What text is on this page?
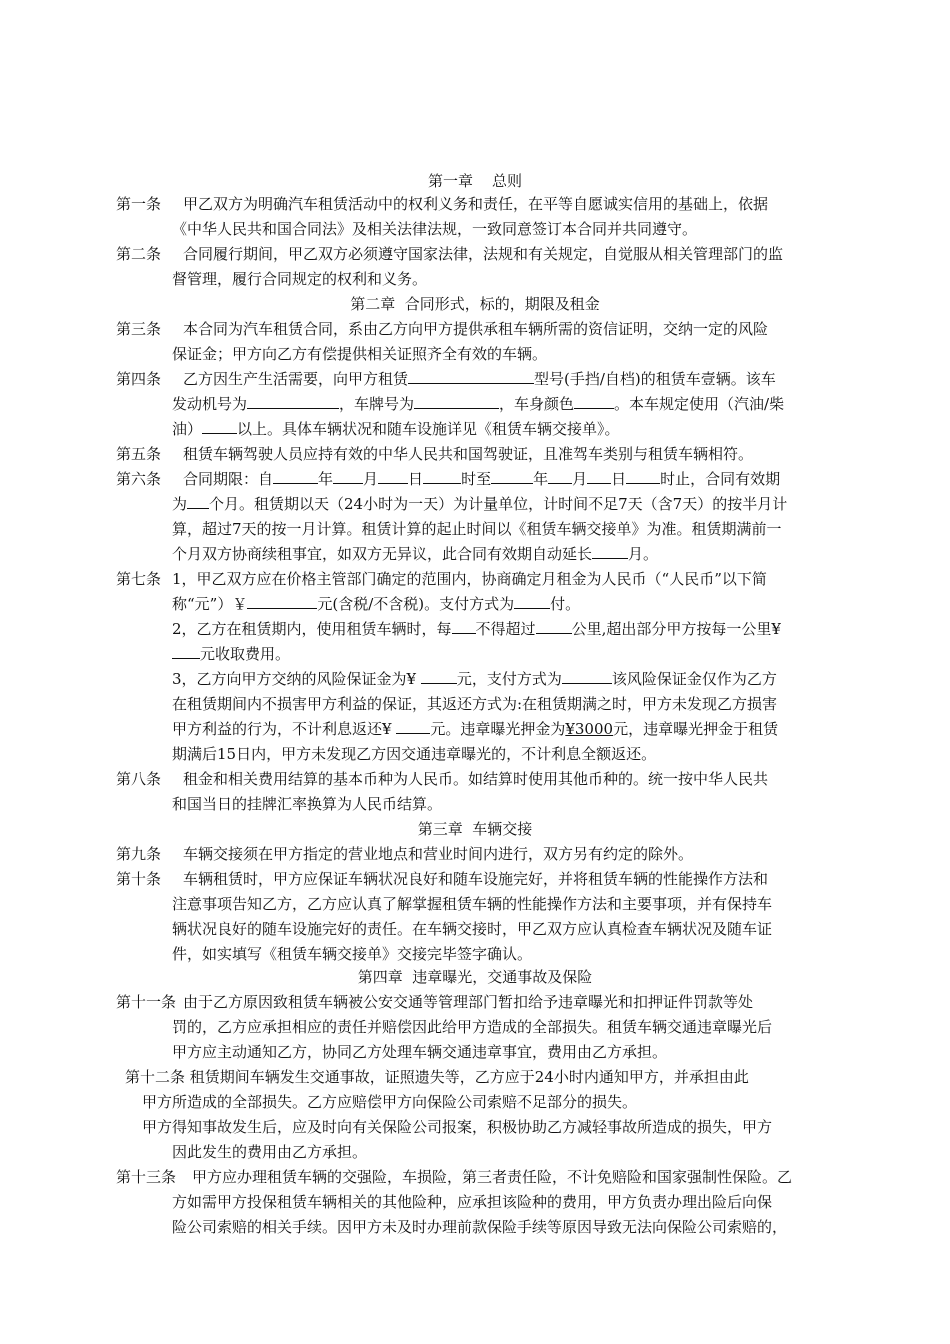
第一章    总则
第一条 甲乙双方为明确汽车租赁活动中的权利义务和责任，在平等自愿诚实信用的基础上，依据
《中华人民共和国合同法》及相关法律法规，一致同意签订本合同并共同遵守。
第二条 合同履行期间，甲乙双方必须遵守国家法律，法规和有关规定，自觉服从相关管理部门的监
督管理，履行合同规定的权利和义务。
第二章  合同形式，标的，期限及租金
第三条 本合同为汽车租赁合同，系由乙方向甲方提供承租车辆所需的资信证明，交纳一定的风险
保证金；甲方向乙方有偿提供相关证照齐全有效的车辆。
第四条 乙方因生产生活需要，向甲方租赁	型号(手挡/自档)的租赁车壹辆。该车
发动机号为	，车牌号为	，车身颜色	。本车规定使用（汽油/柴
油） 以上。具体车辆状况和随车设施详见《租赁车辆交接单》。
第五条 租赁车辆驾驶人员应持有效的中华人民共和国驾驶证，且准驾车类别与租赁车辆相符。
第六条 合同期限：自	年 月 日	时至	年 月 日 时止，合同有效期
为 个月。租赁期以天（24小时为一天）为计量单位，计时间不足7天（含7天）的按半月计
算，超过7天的按一月计算。租赁计算的起止时间以《租赁车辆交接单》为准。租赁期满前一
个月双方协商续租事宜，如双方无异议，此合同有效期自动延长 月。
第七条 1，甲乙双方应在价格主管部门确定的范围内，协商确定月租金为人民币（“人民币”以下简
称“元”）￥	元(含税/不含税)。支付方式为 付。
2，乙方在租赁期内，使用租赁车辆时，每 不得超过 公里,超出部分甲方按每一公里¥
元收取费用。
3，乙方向甲方交纳的风险保证金为¥ 元，支付方式为	该风险保证金仅作为乙方
在租赁期间内不损害甲方利益的保证，其返还方式为:在租赁期满之时，甲方未发现乙方损害
甲方利益的行为，不计利息返还¥ 元。违章曝光押金为¥3000元，违章曝光押金于租赁
期满后15日内，甲方未发现乙方因交通违章曝光的，不计利息全额返还。
第八条 租金和相关费用结算的基本币种为人民币。如结算时使用其他币种的。统一按中华人民共
和国当日的挂牌汇率换算为人民币结算。
第三章  车辆交接
第九条 车辆交接须在甲方指定的营业地点和营业时间内进行，双方另有约定的除外。
第十条 车辆租赁时，甲方应保证车辆状况良好和随车设施完好，并将租赁车辆的性能操作方法和
注意事项告知乙方，乙方应认真了解掌握租赁车辆的性能操作方法和主要事项，并有保持车
辆状况良好的随车设施完好的责任。在车辆交接时，甲乙双方应认真检查车辆状况及随车证
件，如实填写《租赁车辆交接单》交接完毕签字确认。
第四章  违章曝光，交通事故及保险
第十一条 由于乙方原因致租赁车辆被公安交通等管理部门暂扣给予违章曝光和扣押证件罚款等处
罚的，乙方应承担相应的责任并赔偿因此给甲方造成的全部损失。租赁车辆交通违章曝光后
甲方应主动通知乙方，协同乙方处理车辆交通违章事宜，费用由乙方承担。
第十二条 租赁期间车辆发生交通事故，证照遗失等，乙方应于24小时内通知甲方，并承担由此
甲方所造成的全部损失。乙方应赔偿甲方向保险公司索赔不足部分的损失。
甲方得知事故发生后，应及时向有关保险公司报案，积极协助乙方减轻事故所造成的损失，甲方
因此发生的费用由乙方承担。
第十三条 甲方应办理租赁车辆的交强险，车损险，第三者责任险，不计免赔险和国家强制性保险。乙
方如需甲方投保租赁车辆相关的其他险种，应承担该险种的费用，甲方负责办理出险后向保
险公司索赔的相关手续。因甲方未及时办理前款保险手续等原因导致无法向保险公司索赔的，
